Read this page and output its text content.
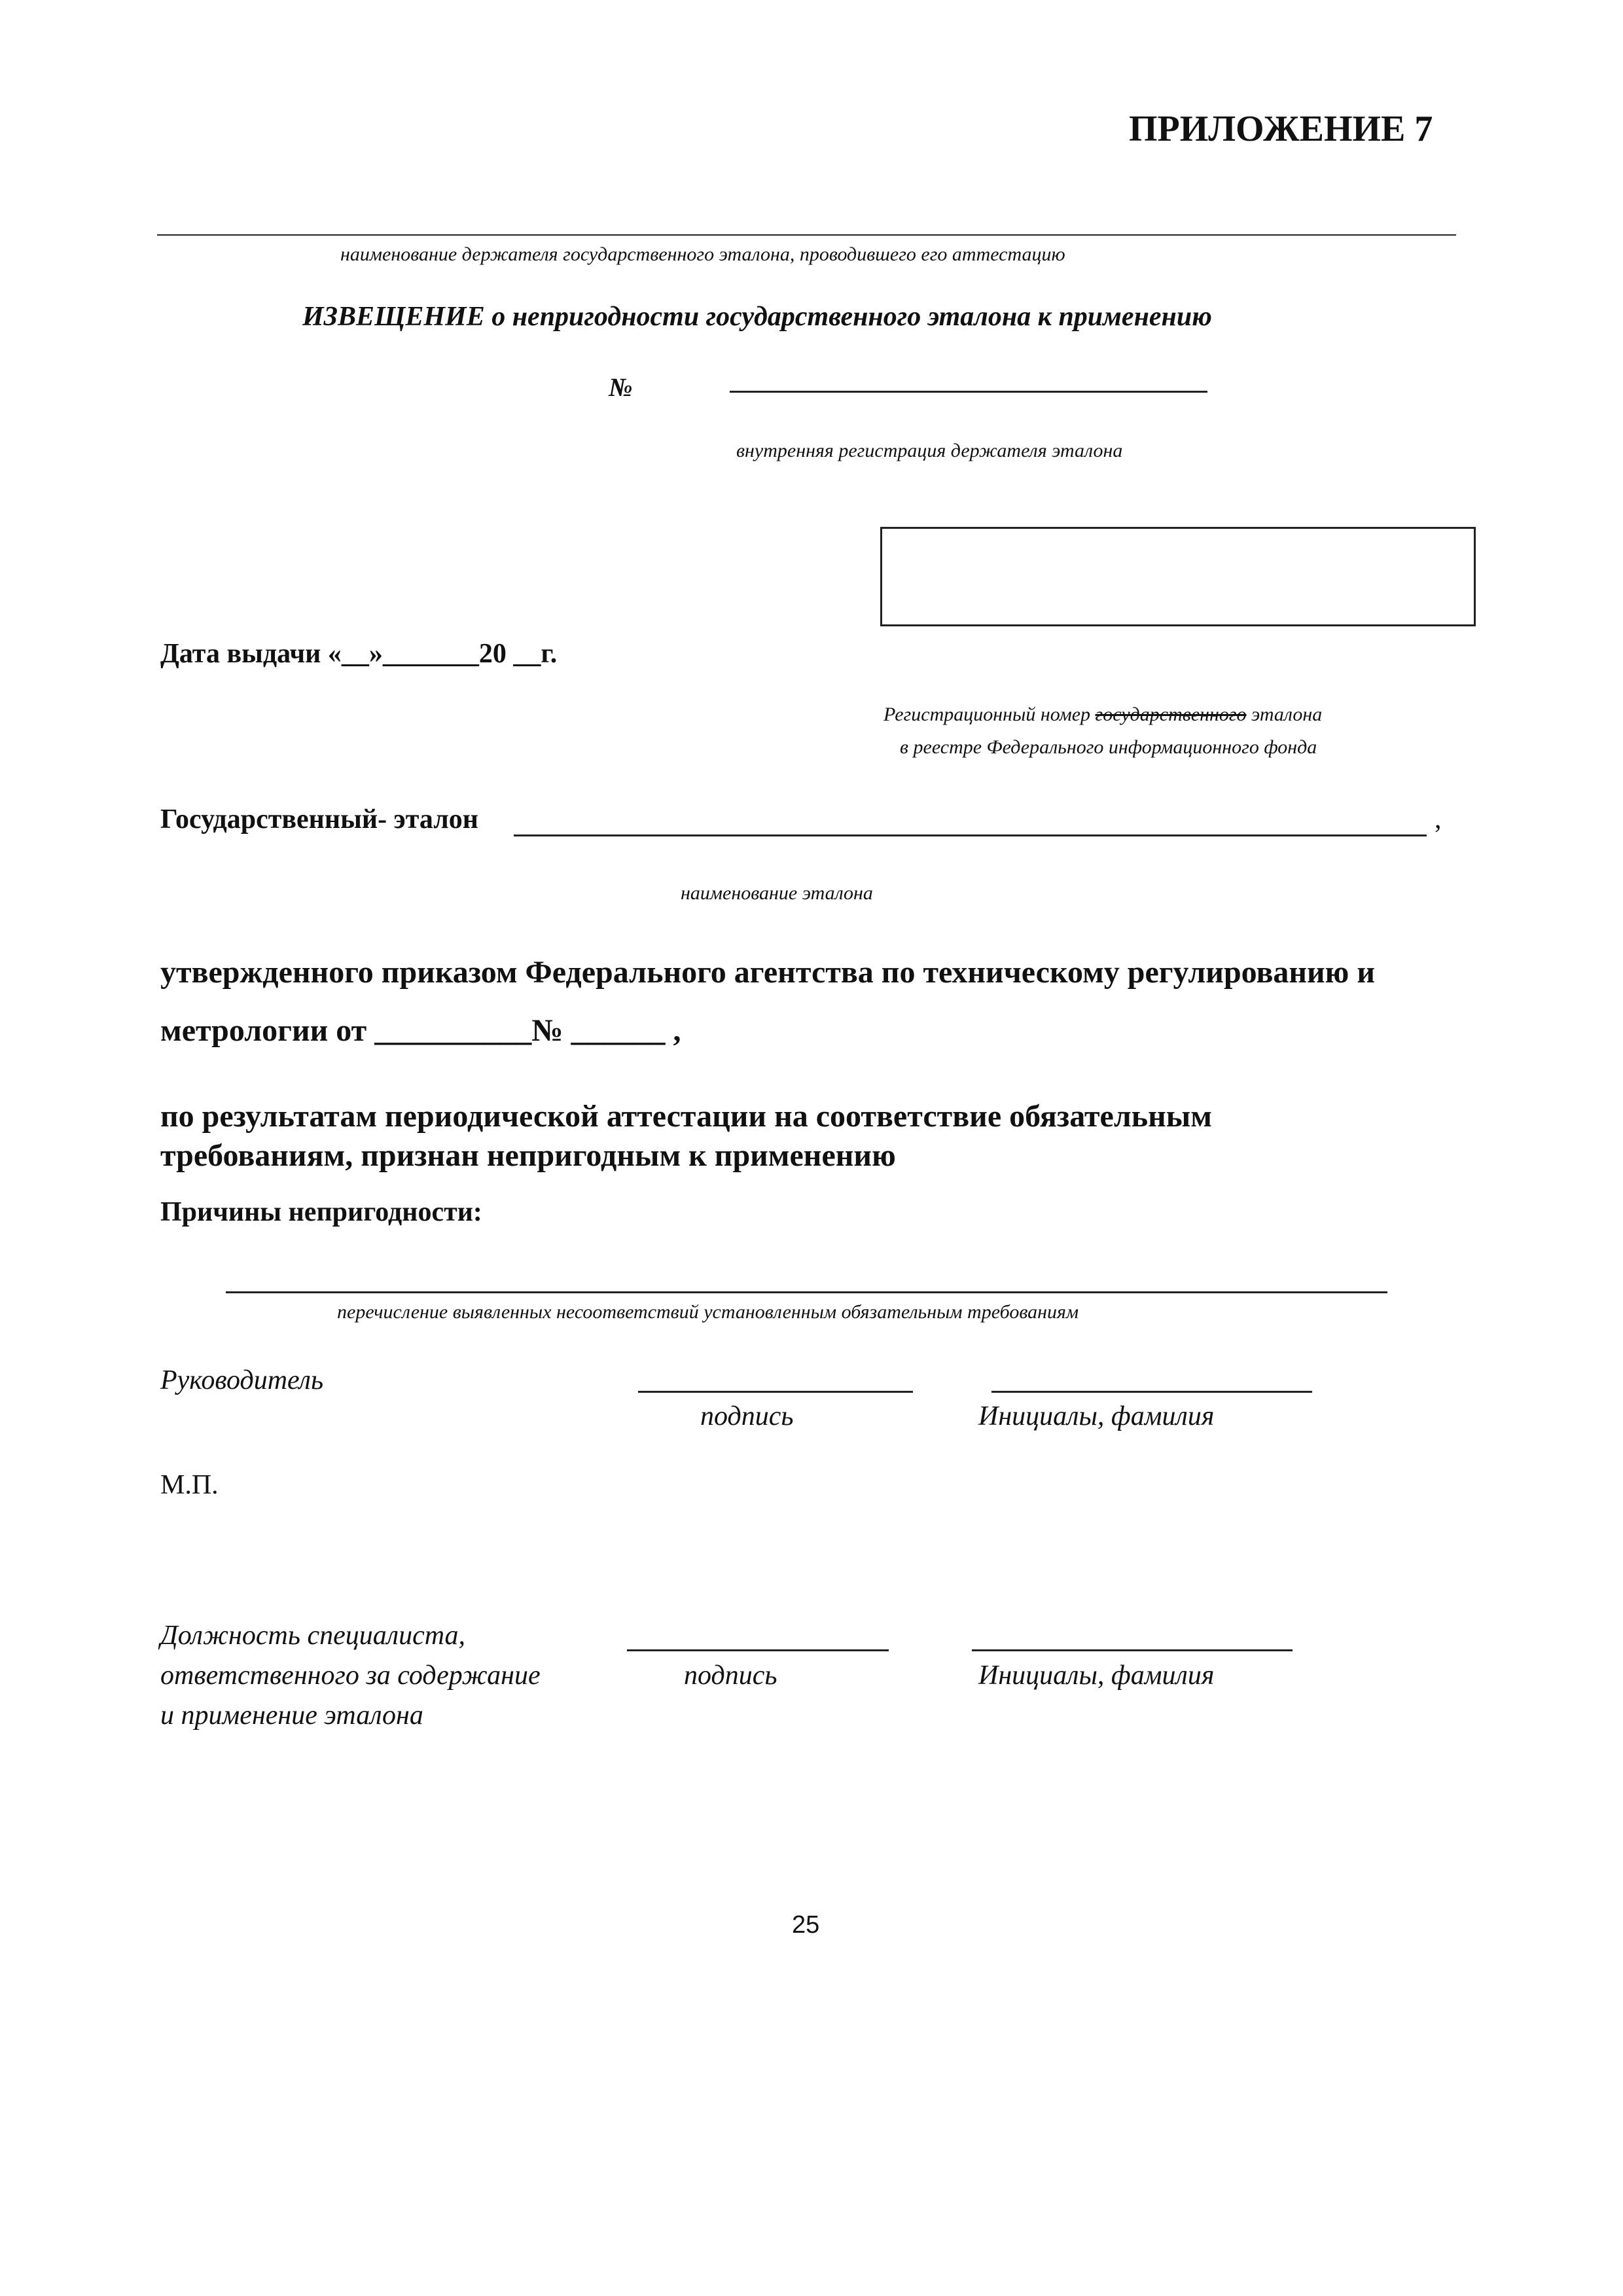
ПРИЛОЖЕНИЕ 7
наименование держателя государственного эталона, проводившего его аттестацию
ИЗВЕЩЕНИЕ о непригодности государственного эталона к применению
№
внутренняя регистрация держателя эталона
Дата выдачи «__»_______20 __г.
Регистрационный номер государственного эталона
в реестре Федерального информационного фонда
Государственный- эталон	,
наименование эталона
утвержденного приказом Федерального агентства по техническому регулированию и
метрологии от __________№ ______ ,
по результатам периодической аттестации на соответствие обязательным
требованиям, признан непригодным к применению
Причины непригодности:
перечисление выявленных несоответствий установленным обязательным требованиям
Руководитель
подпись	Инициалы, фамилия
М.П.
Должность специалиста,
ответственного за содержание
и применение эталона
подпись	Инициалы, фамилия
25
